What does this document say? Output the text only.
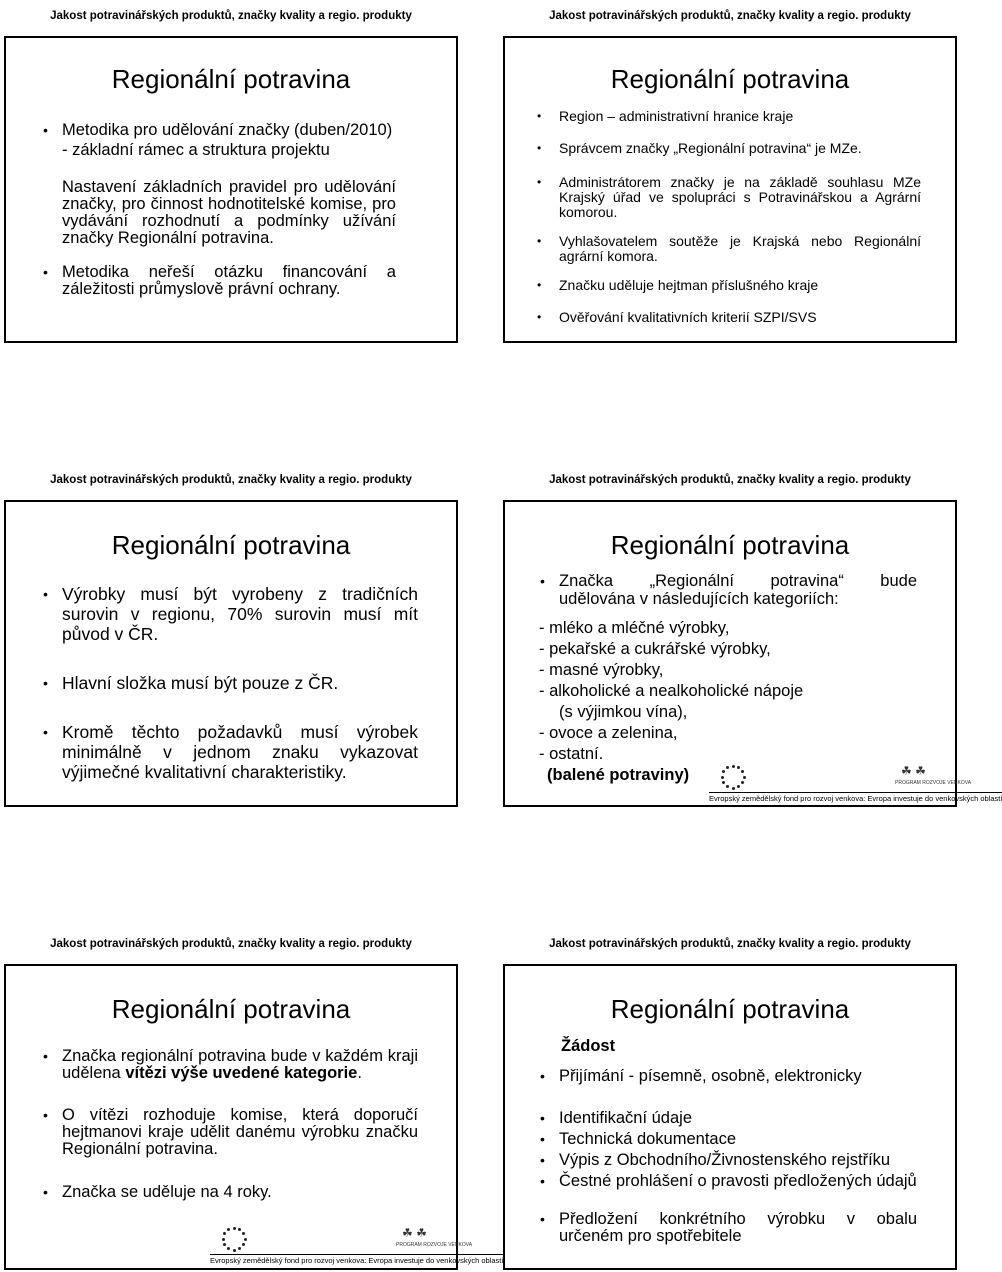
Jakost potravinářských produktů, značky kvality a regio. produkty
Regionální potravina
• Metodika pro udělování značky (duben/2010)
- základní rámec a struktura projektu
Nastavení základních pravidel pro udělování značky, pro činnost hodnotitelské komise, pro vydávání rozhodnutí a podmínky užívání značky Regionální potravina.
• Metodika neřeší otázku financování a záležitosti průmyslově právní ochrany.
Jakost potravinářských produktů, značky kvality a regio. produkty
Regionální potravina
• Region – administrativní hranice kraje
• Správcem značky „Regionální potravina“ je MZe.
• Administrátorem značky je na základě souhlasu MZe Krajský úřad ve spolupráci s Potravinářskou a Agrární komorou.
• Vyhlašovatelem soutěže je Krajská nebo Regionální agrární komora.
• Značku uděluje hejtman příslušného kraje
• Ověřování kvalitativních kriterií SZPI/SVS
Jakost potravinářských produktů, značky kvality a regio. produkty
Regionální potravina
• Výrobky musí být vyrobeny z tradičních surovin v regionu, 70% surovin musí mít původ v ČR.
• Hlavní složka musí být pouze z ČR.
• Kromě těchto požadavků musí výrobek minimálně v jednom znaku vykazovat výjimečné kvalitativní charakteristiky.
Jakost potravinářských produktů, značky kvality a regio. produkty
Regionální potravina
• Značka „Regionální potravina“ bude
udělována v následujících kategoriích:
- mléko a mléčné výrobky,
- pekařské a cukrářské výrobky,
- masné výrobky,
- alkoholické a nealkoholické nápoje
(s výjimkou vína),
- ovoce a zelenina,
- ostatní.
(balené potraviny)	☘ ☘
PROGRAM ROZVOJE VENKOVA
Evropský zemědělský fond pro rozvoj venkova: Evropa investuje do venkovských oblastí
Jakost potravinářských produktů, značky kvality a regio. produkty
Regionální potravina
• Značka regionální potravina bude v každém kraji udělena vítězi výše uvedené kategorie.
• O vítězi rozhoduje komise, která doporučí hejtmanovi kraje udělit danému výrobku značku Regionální potravina.
• Značka se uděluje na 4 roky.
☘ ☘
PROGRAM ROZVOJE VENKOVA
Evropský zemědělský fond pro rozvoj venkova: Evropa investuje do venkovských oblastí
Jakost potravinářských produktů, značky kvality a regio. produkty
Regionální potravina
Žádost
• Přijímání - písemně, osobně, elektronicky
• Identifikační údaje
• Technická dokumentace
• Výpis z Obchodního/Živnostenského rejstříku
• Čestné prohlášení o pravosti předložených údajů
• Předložení konkrétního výrobku v obalu určeném pro spotřebitele
